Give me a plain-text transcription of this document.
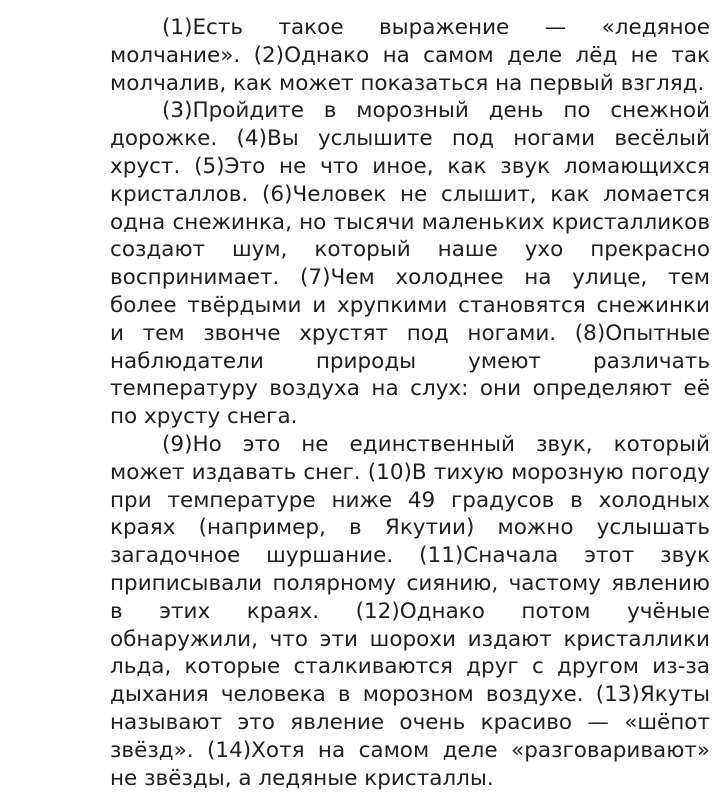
(1)Есть такое выражение — «ледяное молчание». (2)Однако на самом деле лёд не так молчалив, как может показаться на первый взгляд.

(3)Пройдите в морозный день по снежной дорожке. (4)Вы услышите под ногами весёлый хруст. (5)Это не что иное, как звук ломающихся кристаллов. (6)Человек не слышит, как ломается одна снежинка, но тысячи маленьких кристалликов создают шум, который наше ухо прекрасно воспринимает. (7)Чем холоднее на улице, тем более твёрдыми и хрупкими становятся снежинки и тем звонче хрустят под ногами. (8)Опытные наблюдатели природы умеют различать температуру воздуха на слух: они определяют её по хрусту снега.

(9)Но это не единственный звук, который может издавать снег. (10)В тихую морозную погоду при температуре ниже 49 градусов в холодных краях (например, в Якутии) можно услышать загадочное шуршание. (11)Сначала этот звук приписывали полярному сиянию, частому явлению в этих краях. (12)Однако потом учёные обнаружили, что эти шорохи издают кристаллики льда, которые сталкиваются друг с другом из-за дыхания человека в морозном воздухе. (13)Якуты называют это явление очень красиво — «шёпот звёзд». (14)Хотя на самом деле «разговаривают» не звёзды, а ледяные кристаллы.
